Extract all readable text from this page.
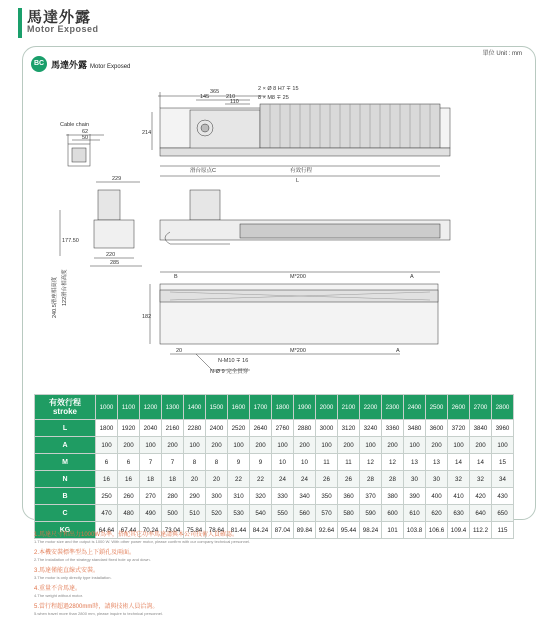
馬達外露
Motor Exposed
單位 Unit : mm
BC 馬達外露 Motor Exposed
Cable chain
62
50
365
145	210
110
2 × Ø 8 H7 ∓ 15
8 × M8 ∓ 25
214
滑台原点C	有效行程
L
229
177.50
220
285
B	M*200	A
182
20	M*200	A
N-M10 ∓ 16
N-Ø 9 完全貫穿
240.5滑座相高度 122滑台相高度
有效行程
stroke	1000	1100	1200	1300	1400	1500	1600	1700	1800	1900	2000	2100	2200	2300	2400	2500	2600	2700	2800
L	1800	1920	2040	2160	2280	2400	2520	2640	2760	2880	3000	3120	3240	3360	3480	3600	3720	3840	3960
A	100	200	100	200	100	200	100	200	100	200	100	200	100	200	100	200	100	200	100
M	6	6	7	7	8	8	9	9	10	10	11	11	12	12	13	13	14	14	15
N	16	16	18	18	20	20	22	22	24	24	26	26	28	28	30	30	32	32	34
B	250	260	270	280	290	300	310	320	330	340	350	360	370	380	390	400	410	420	430
C	470	480	490	500	510	520	530	540	550	560	570	580	590	600	610	620	630	640	650
KG	64.64	67.44	70.24	73.04	75.84	78.64	81.44	84.24	87.04	89.84	92.64	95.44	98.24	101	103.8	106.6	109.4	112.2	115
1.馬達尺寸和出力1000W為準，搭配其它功率馬達請與本公司技術人員確認。
1.The motor size and the output is 1000 W. With other power motor, please confirm with our company technical personnel.
2.本機安裝標準型為上下鎖孔及兩面。
2.The installation of the strategy standard fixed hole up and down.
3.馬達僅能直線式安裝。
3.The motor is only directly type installation.
4.重量不含馬達。
4.The weight without motor.
5.當行程超過2800mm時，請與技術人員洽詢。
5.when travel more than 2800 mm, please inquire to technical personnel.
